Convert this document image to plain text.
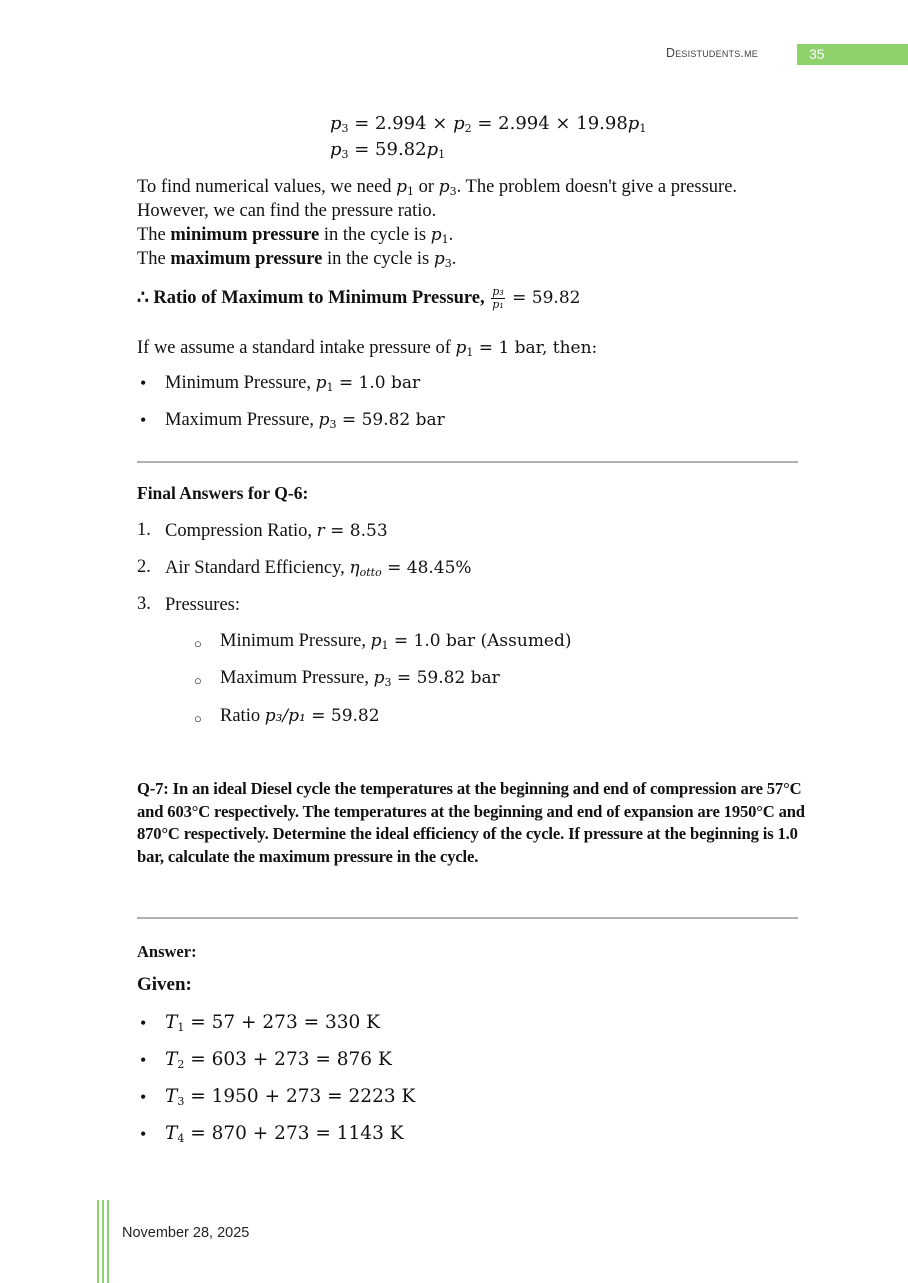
Desistudents.me	35
$p_3 = 2.994 \times p_2 = 2.994 \times 19.98p_1$
$p_3 = 59.82p_1$
To find numerical values, we need $p_1$ or $p_3$. The problem doesn't give a pressure.
However, we can find the pressure ratio.
The minimum pressure in the cycle is $p_1$.
The maximum pressure in the cycle is $p_3$.
∴ Ratio of Maximum to Minimum Pressure, $\frac{\text{p₃}}{\text{p₁}} = 59.82$
If we assume a standard intake pressure of $p_1 = 1$ bar, then:
• Minimum Pressure, $p_1 = 1.0$ bar
• Maximum Pressure, $p_3 = 59.82$ bar
Final Answers for Q-6:
1. Compression Ratio, r = 8.53
2. Air Standard Efficiency, $\eta_{otto} = 48.45\%$
3. Pressures:
○ Minimum Pressure, $p_1 = 1.0$ bar (Assumed)
○ Maximum Pressure, $p_3 = 59.82$ bar
○ Ratio p₃/p₁ = 59.82
Q-7: In an ideal Diesel cycle the temperatures at the beginning and end of compression are 57°C and 603°C respectively. The temperatures at the beginning and end of expansion are 1950°C and 870°C respectively. Determine the ideal efficiency of the cycle. If pressure at the beginning is 1.0 bar, calculate the maximum pressure in the cycle.
Answer:
Given:
• $T_1 = 57 + 273 = 330$ K
• $T_2 = 603 + 273 = 876$ K
• $T_3 = 1950 + 273 = 2223$ K
• $T_4 = 870 + 273 = 1143$ K
November 28, 2025
